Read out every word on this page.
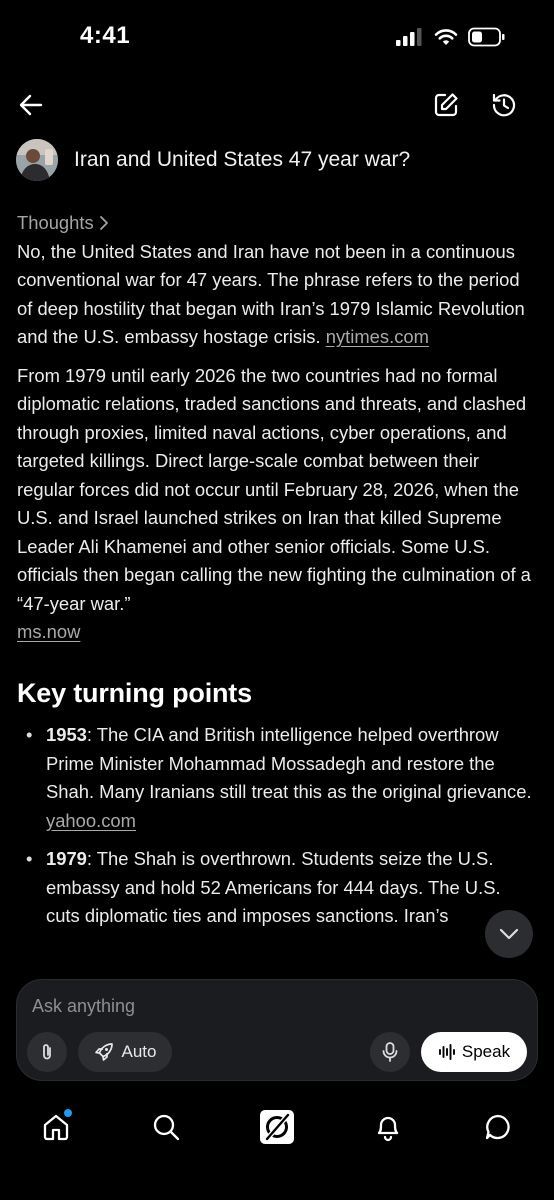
4:41
Iran and United States 47 year war?
Thoughts

No, the United States and Iran have not been in a continuous conventional war for 47 years. The phrase refers to the period of deep hostility that began with Iran’s 1979 Islamic Revolution and the U.S. embassy hostage crisis. nytimes.com

From 1979 until early 2026 the two countries had no formal diplomatic relations, traded sanctions and threats, and clashed through proxies, limited naval actions, cyber operations, and targeted killings. Direct large-scale combat between their regular forces did not occur until February 28, 2026, when the U.S. and Israel launched strikes on Iran that killed Supreme Leader Ali Khamenei and other senior officials. Some U.S. officials then began calling the new fighting the culmination of a “47-year war.”
ms.now

Key turning points
• 1953: The CIA and British intelligence helped overthrow Prime Minister Mohammad Mossadegh and restore the Shah. Many Iranians still treat this as the original grievance. yahoo.com
• 1979: The Shah is overthrown. Students seize the U.S. embassy and hold 52 Americans for 444 days. The U.S. cuts diplomatic ties and imposes sanctions. Iran’s
Ask anything
Auto	Speak
